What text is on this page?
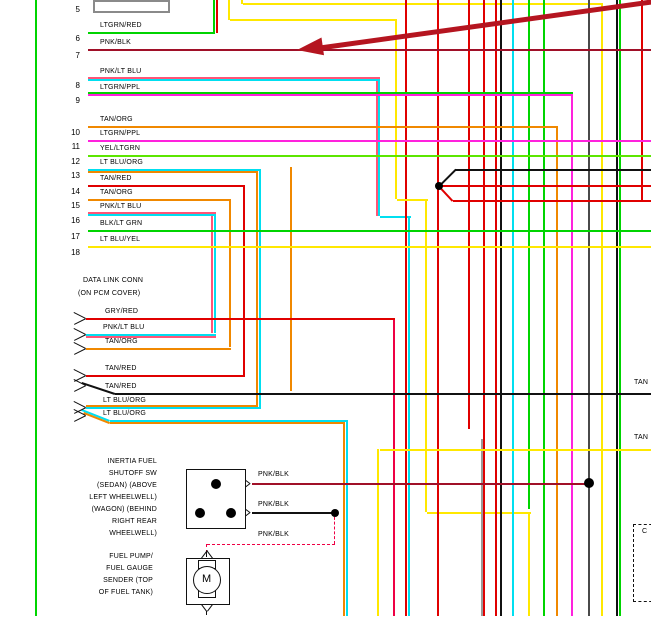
5
6
7
8
9
10
11
12
13
14
15
16
17
18
LTGRN/RED
PNK/BLK
PNK/LT BLU
LTGRN/PPL
TAN/ORG
LTGRN/PPL
YEL/LTGRN
LT BLU/ORG
TAN/RED
TAN/ORG
PNK/LT BLU
BLK/LT GRN
LT BLU/YEL
DATA LINK CONN
(ON PCM COVER)
GRY/RED
PNK/LT BLU
TAN/ORG
TAN/RED
TAN/RED
LT BLU/ORG
LT BLU/ORG
PNK/BLK
PNK/BLK
PNK/BLK
TAN
TAN
C
INERTIA FUEL
SHUTOFF SW
(SEDAN) (ABOVE
LEFT WHEELWELL)
(WAGON) (BEHIND
RIGHT REAR
WHEELWELL)
FUEL PUMP/
FUEL GAUGE
SENDER (TOP
OF FUEL TANK)
M
